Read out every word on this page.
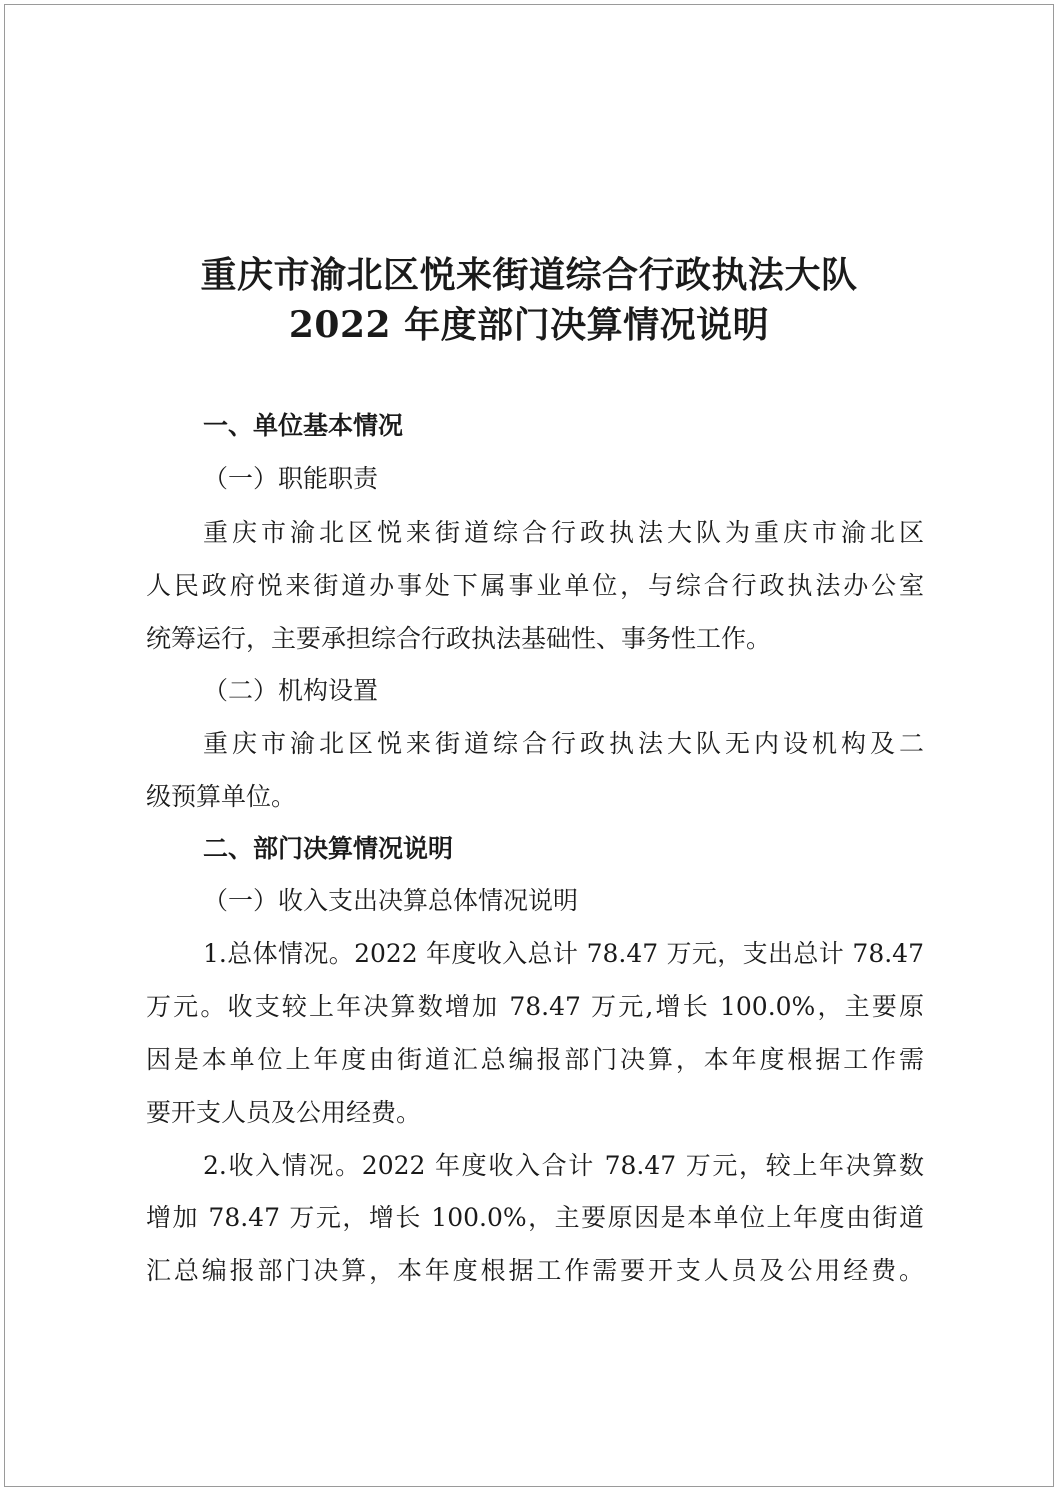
重庆市渝北区悦来街道综合行政执法大队
2022 年度部门决算情况说明
一、单位基本情况
（一）职能职责
重庆市渝北区悦来街道综合行政执法大队为重庆市渝北区
人民政府悦来街道办事处下属事业单位，与综合行政执法办公室
统筹运行，主要承担综合行政执法基础性、事务性工作。
（二）机构设置
重庆市渝北区悦来街道综合行政执法大队无内设机构及二
级预算单位。
二、部门决算情况说明
（一）收入支出决算总体情况说明
1.总体情况。2022 年度收入总计 78.47 万元，支出总计 78.47
万元。收支较上年决算数增加 78.47 万元,增长 100.0%，主要原
因是本单位上年度由街道汇总编报部门决算，本年度根据工作需
要开支人员及公用经费。
2.收入情况。2022 年度收入合计 78.47 万元，较上年决算数
增加 78.47 万元，增长 100.0%，主要原因是本单位上年度由街道
汇总编报部门决算，本年度根据工作需要开支人员及公用经费。
